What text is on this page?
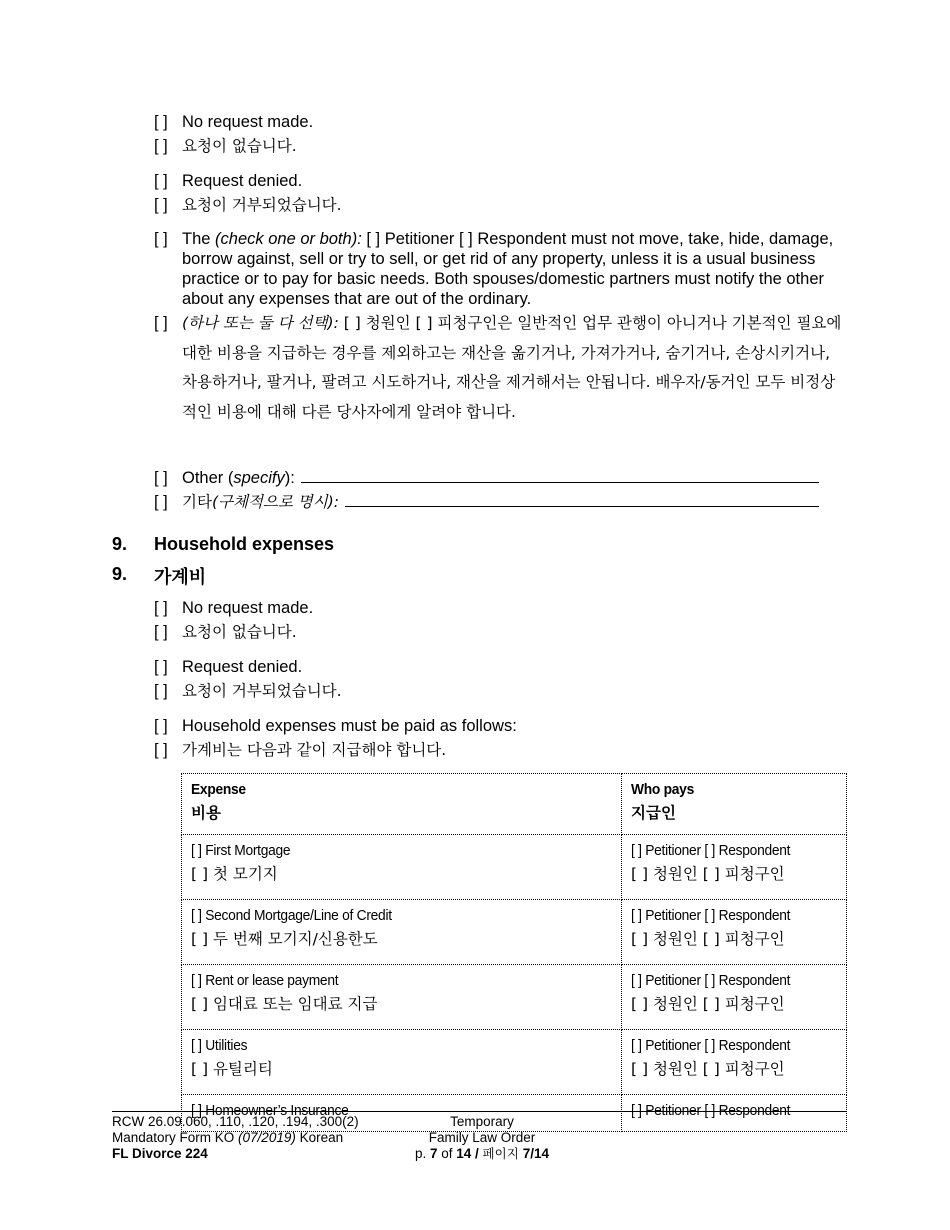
[ ] No request made.
[ ] 요청이 없습니다.
[ ] Request denied.
[ ] 요청이 거부되었습니다.
[ ] The (check one or both): [ ] Petitioner [ ] Respondent must not move, take, hide, damage, borrow against, sell or try to sell, or get rid of any property, unless it is a usual business practice or to pay for basic needs. Both spouses/domestic partners must notify the other about any expenses that are out of the ordinary.
[ ] (하나 또는 둘 다 선택): [ ] 청원인 [ ] 피청구인은 일반적인 업무 관행이 아니거나 기본적인 필요에 대한 비용을 지급하는 경우를 제외하고는 재산을 옮기거나, 가져가거나, 숨기거나, 손상시키거나, 차용하거나, 팔거나, 팔려고 시도하거나, 재산을 제거해서는 안됩니다. 배우자/동거인 모두 비정상적인 비용에 대해 다른 당사자에게 알려야 합니다.
[ ] Other (specify):
[ ] 기타(구체적으로 명시):
9. Household expenses
9. 가계비
[ ] No request made.
[ ] 요청이 없습니다.
[ ] Request denied.
[ ] 요청이 거부되었습니다.
[ ] Household expenses must be paid as follows:
[ ] 가계비는 다음과 같이 지급해야 합니다.
Expense
비용	Who pays
지급인

[ ] First Mortgage
[ ] 첫 모기지	[ ] Petitioner [ ] Respondent
[ ] 청원인 [ ] 피청구인

[ ] Second Mortgage/Line of Credit
[ ] 두 번째 모기지/신용한도	[ ] Petitioner [ ] Respondent
[ ] 청원인 [ ] 피청구인

[ ] Rent or lease payment
[ ] 임대료 또는 임대료 지급	[ ] Petitioner [ ] Respondent
[ ] 청원인 [ ] 피청구인

[ ] Utilities
[ ] 유틸리티	[ ] Petitioner [ ] Respondent
[ ] 청원인 [ ] 피청구인

[ ] Homeowner’s Insurance	[ ] Petitioner [ ] Respondent
RCW 26.09.060, .110, .120, .194, .300(2)
Mandatory Form KO (07/2019) Korean
FL Divorce 224
Temporary
Family Law Order
p. 7 of 14 / 페이지 7/14
